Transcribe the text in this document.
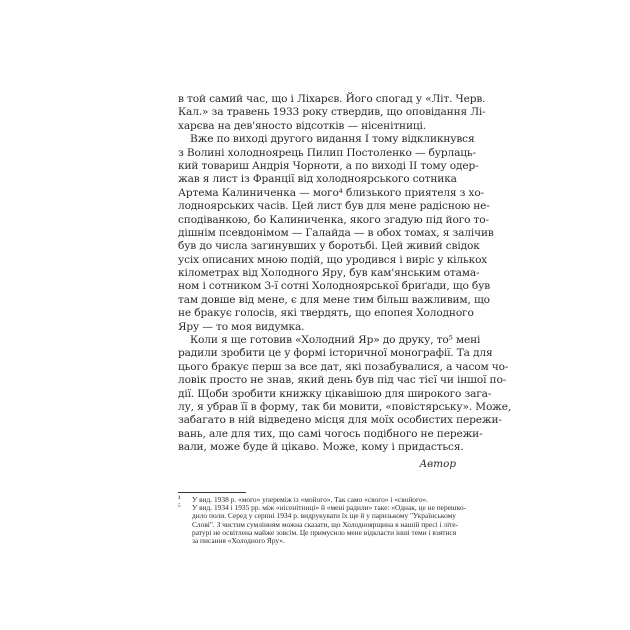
в той самий час, що і Ліхарєв. Його спогад у «Літ. Черв.
Кал.» за травень 1933 року ствердив, що оповідання Лі-
харєва на дев'яносто відсотків — нісенітниці.
Вже по виході другого видання І тому відкликнувся
з Волині холодноярець Пилип Постоленко — бурлаць-
кий товариш Андрія Чорноти, а по виході II тому одер-
жав я лист із Франції від холодноярського сотника
Артема Калиниченка — мого⁴ близького приятеля з хо-
лодноярських часів. Цей лист був для мене радісною не-
сподіванкою, бо Калиниченка, якого згадую під його то-
дішнім псевдонімом — Галайда — в обох томах, я залічив
був до числа загинувших у боротьбі. Цей живий свідок
усіх описаних мною подій, що уродився і виріс у кількох
кілометрах від Холодного Яру, був кам'янським отама-
ном і сотником 3-ї сотні Холодноярської бриґади, що був
там довше від мене, є для мене тим більш важливим, що
не бракує голосів, які твердять, що епопея Холодного
Яру — то моя видумка.
Коли я ще готовив «Холодний Яр» до друку, то⁵ мені
радили зробити це у формі історичної монографії. Та для
цього бракує перш за все дат, які позабувалися, а часом чо-
ловік просто не знав, який день був під час тієї чи іншої по-
дії. Щоби зробити книжку цікавішою для широкого зага-
лу, я убрав її в форму, так би мовити, «повістярську». Може,
забагато в ній відведено місця для моїх особистих пережи-
вань, але для тих, що самі чогось подібного не пережи-
вали, може буде й цікаво. Може, кому і придасться.
Автор
4 У вид. 1938 р. «мого» упереміж із «мойого». Так само «свого» і «свойого».
5 У вид. 1934 і 1935 рр. між «нісенітниці» й «мені радили» таке: «Однак, це не перешко-
дило поли. Серед у серпні 1934 р. видрукувати їх ще й у паризькому "Українському
Слові". З чистим сумлінням можна сказати, що Холодноярщина в нашій пресі і літе-
ратурі не освітлена майже зовсім. Це примусило мене відкласти інші теми і взятися
за писання «Холодного Яру».
